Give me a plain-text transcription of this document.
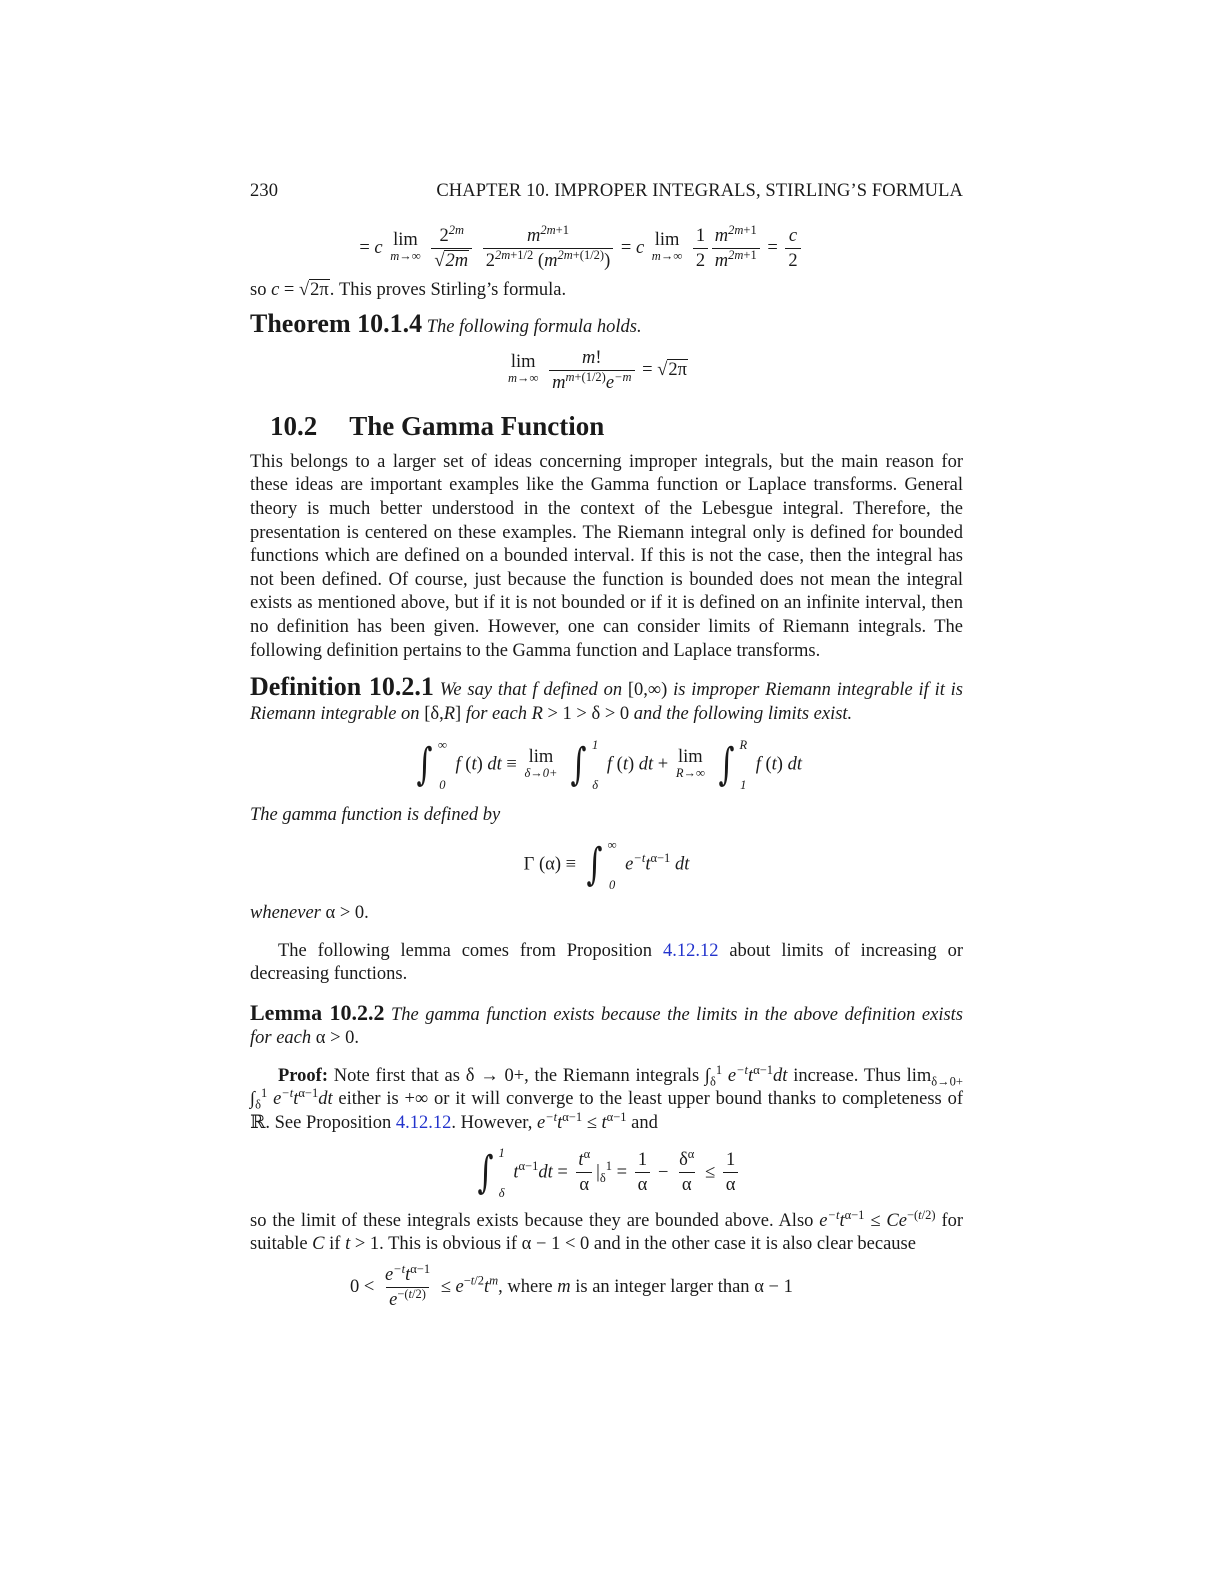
230	CHAPTER 10. IMPROPER INTEGRALS, STIRLING’S FORMULA
= c lim
m→∞
$\frac{2^{2m}}{√2m}$
$\frac{m^{2m+1}}{2^{2m+1/2} (m^{2m+(1/2)})} = c$ lim
m→∞
$\frac{1}{2}$
$\frac{m^{2m+1}}{m^{2m+1}} = \frac{c}{2}$

so c = √2π. This proves Stirling’s formula.

Theorem 10.1.4 The following formula holds.

lim
m→∞
$\frac{m!}{m^{m+(1/2)}e^{-m}} = √2\pi$
10.2 The Gamma Function

This belongs to a larger set of ideas concerning improper integrals, but the main reason for these ideas are important examples like the Gamma function or Laplace transforms. General theory is much better understood in the context of the Lebesgue integral. Therefore, the presentation is centered on these examples. The Riemann integral only is defined for bounded functions which are defined on a bounded interval. If this is not the case, then the integral has not been defined. Of course, just because the function is bounded does not mean the integral exists as mentioned above, but if it is not bounded or if it is defined on an infinite interval, then no definition has been given. However, one can consider limits of Riemann integrals. The following definition pertains to the Gamma function and Laplace transforms.

Definition 10.2.1 We say that f defined on [0,∞) is improper Riemann integrable if it is Riemann integrable on [δ,R] for each R > 1 > δ > 0 and the following limits exist.

∫ ∞
0
f (t) dt ≡ lim
δ→0+ ∫ 1
δ
f (t) dt + lim
R→∞ ∫ R
1
f (t) dt

The gamma function is defined by

Γ (α) ≡ ∫ ∞
0
$e^{-t}t^{\alpha-1}$ dt

whenever α > 0.

The following lemma comes from Proposition 4.12.12 about limits of increasing or decreasing functions.

Lemma 10.2.2 The gamma function exists because the limits in the above definition exists for each α > 0.

Proof: Note first that as δ → 0+, the Riemann integrals $\int_\delta^1$ $e^{-t}t^{\alpha-1}dt$ increase. Thus $\lim_{\delta\to 0+} \int_\delta^1$ $e^{-t}t^{\alpha-1}dt$ either is +∞ or it will converge to the least upper bound thanks to completeness of ℝ. See Proposition 4.12.12. However, $e^{-t}t^{\alpha-1} \le t^{\alpha-1}$ and

∫ 1
δ
$t^{\alpha-1}dt = \frac{t^\alpha}{\alpha} |_\delta^1 = \frac{1}{\alpha} - \frac{\delta^\alpha}{\alpha} \le \frac{1}{\alpha}$

so the limit of these integrals exists because they are bounded above. Also $e^{-t}t^{\alpha-1} \le Ce^{-(t/2)}$ for suitable C if t > 1. This is obvious if α − 1 < 0 and in the other case it is also clear because

$0 < \frac{e^{-t}t^{\alpha-1}}{e^{-(t/2)}} \le e^{-t/2}t^m$, where m is an integer larger than α − 1
